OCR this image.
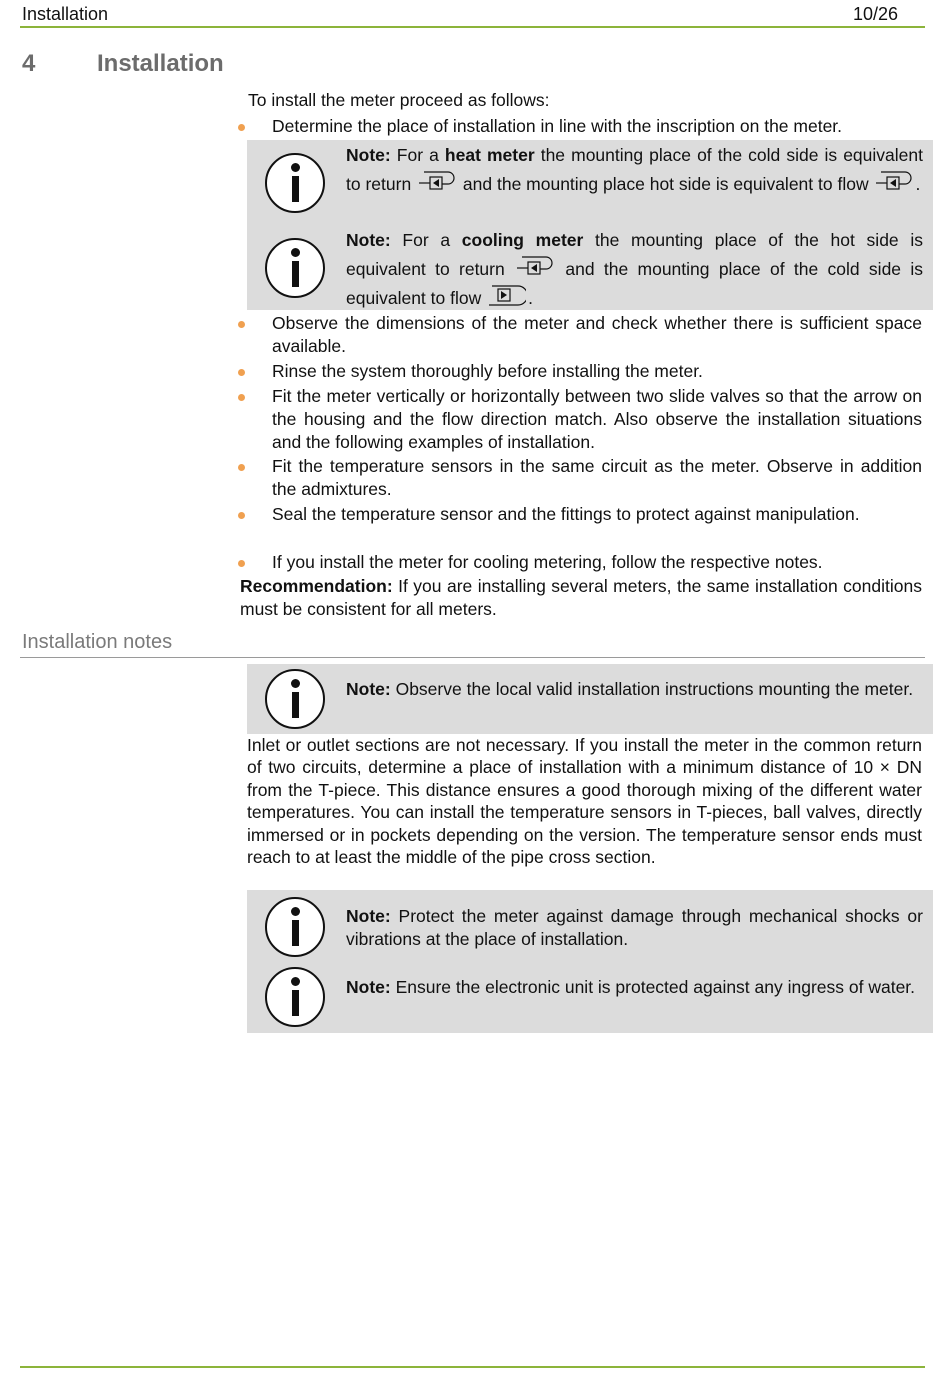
Installation	10/26
4	Installation
To install the meter proceed as follows:
Determine the place of installation in line with the inscription on the meter.
Note: For a heat meter the mounting place of the cold side is equivalent to return  and the mounting place hot side is equivalent to flow .
Note: For a cooling meter the mounting place of the hot side is equivalent to return  and the mounting place of the cold side is equivalent to flow .
Observe the dimensions of the meter and check whether there is sufficient space available.
Rinse the system thoroughly before installing the meter.
Fit the meter vertically or horizontally between two slide valves so that the arrow on the housing and the flow direction match. Also observe the installation situations and the following examples of installation.
Fit the temperature sensors in the same circuit as the meter. Observe in addition the admixtures.
Seal the temperature sensor and the fittings to protect against manipulation.
If you install the meter for cooling metering, follow the respective notes.

Recommendation: If you are installing several meters, the same installation conditions must be consistent for all meters.

Installation notes
Note: Observe the local valid installation instructions mounting the meter.
Inlet or outlet sections are not necessary. If you install the meter in the common return of two circuits, determine a place of installation with a minimum distance of 10 × DN from the T-piece. This distance ensures a good thorough mixing of the different water temperatures. You can install the temperature sensors in T-pieces, ball valves, directly immersed or in pockets depending on the version. The temperature sensor ends must reach to at least the middle of the pipe cross section.
Note: Protect the meter against damage through mechanical shocks or vibrations at the place of installation.
Note: Ensure the electronic unit is protected against any ingress of water.
